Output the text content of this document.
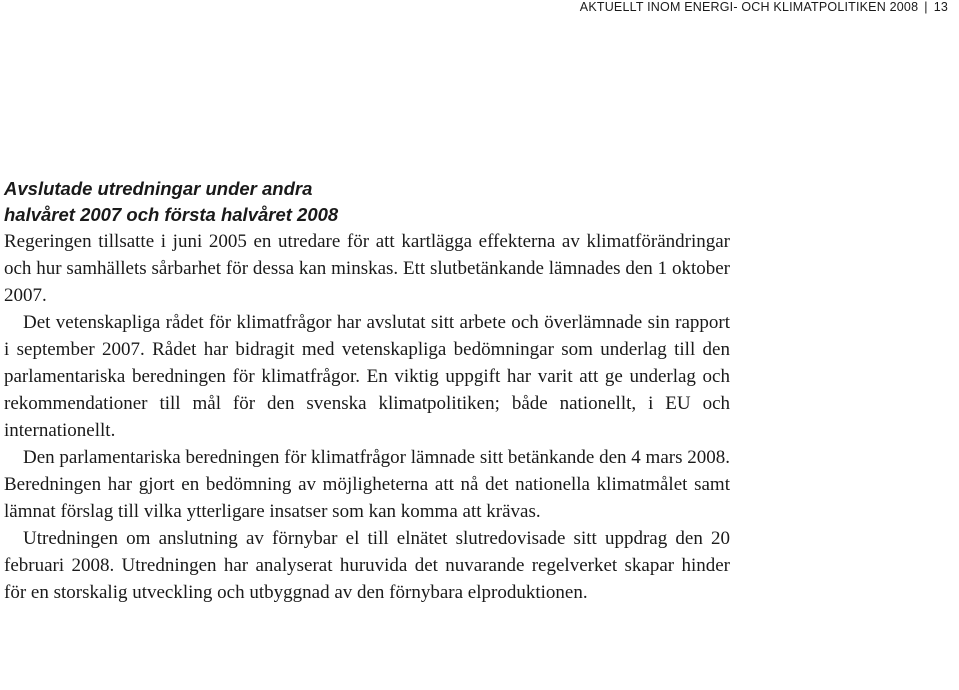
AKTUELLT INOM ENERGI- OCH KLIMATPOLITIKEN 2008 | 13
Avslutade utredningar under andra
halvåret 2007 och första halvåret 2008

Regeringen tillsatte i juni 2005 en utredare för att kartlägga effekterna av klimatförändringar och hur samhällets sårbarhet för dessa kan minskas. Ett slutbetänkande lämnades den 1 oktober 2007.

Det vetenskapliga rådet för klimatfrågor har avslutat sitt arbete och överlämnade sin rapport i september 2007. Rådet har bidragit med vetenskapliga bedömningar som underlag till den parlamentariska beredningen för klimatfrågor. En viktig uppgift har varit att ge underlag och rekommendationer till mål för den svenska klimatpolitiken; både nationellt, i EU och internationellt.

Den parlamentariska beredningen för klimatfrågor lämnade sitt betänkande den 4 mars 2008. Beredningen har gjort en bedömning av möjligheterna att nå det nationella klimatmålet samt lämnat förslag till vilka ytterligare insatser som kan komma att krävas.

Utredningen om anslutning av förnybar el till elnätet slutredovisade sitt uppdrag den 20 februari 2008. Utredningen har analyserat huruvida det nuvarande regelverket skapar hinder för en storskalig utveckling och utbyggnad av den förnybara elproduktionen.
